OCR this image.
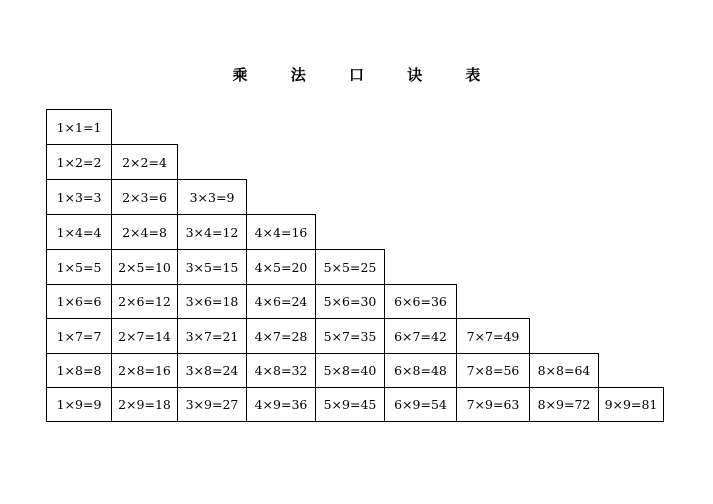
乘 法 口 诀 表
1×1=1
1×2=2	2×2=4
1×3=3	2×3=6	3×3=9
1×4=4	2×4=8	3×4=12	4×4=16
1×5=5	2×5=10	3×5=15	4×5=20	5×5=25
1×6=6	2×6=12	3×6=18	4×6=24	5×6=30	6×6=36
1×7=7	2×7=14	3×7=21	4×7=28	5×7=35	6×7=42	7×7=49
1×8=8	2×8=16	3×8=24	4×8=32	5×8=40	6×8=48	7×8=56	8×8=64
1×9=9	2×9=18	3×9=27	4×9=36	5×9=45	6×9=54	7×9=63	8×9=72	9×9=81
